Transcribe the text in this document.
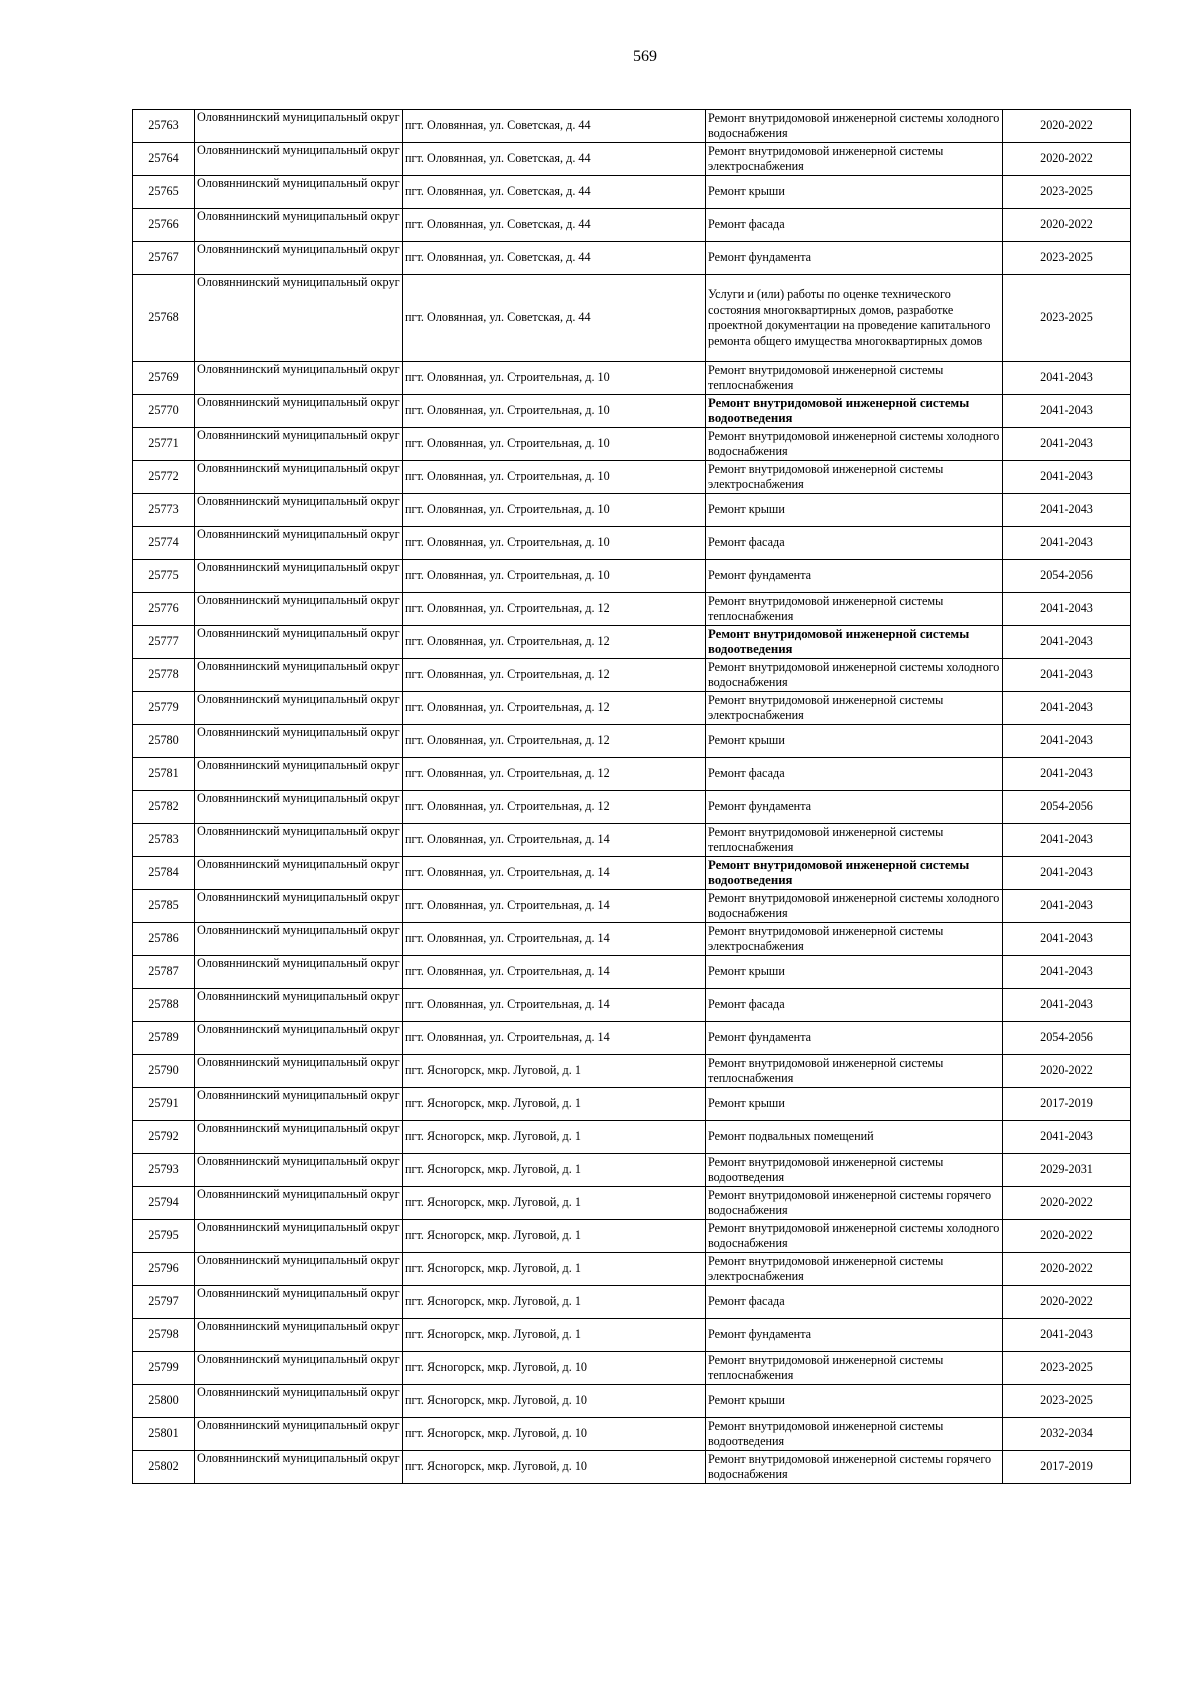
569
25763	Оловяннинский муниципальный округ	пгт. Оловянная, ул. Советская, д. 44	Ремонт внутридомовой инженерной системы холодного водоснабжения	2020-2022
25764	Оловяннинский муниципальный округ	пгт. Оловянная, ул. Советская, д. 44	Ремонт внутридомовой инженерной системы электроснабжения	2020-2022
25765	Оловяннинский муниципальный округ	пгт. Оловянная, ул. Советская, д. 44	Ремонт крыши	2023-2025
25766	Оловяннинский муниципальный округ	пгт. Оловянная, ул. Советская, д. 44	Ремонт фасада	2020-2022
25767	Оловяннинский муниципальный округ	пгт. Оловянная, ул. Советская, д. 44	Ремонт фундамента	2023-2025
25768	Оловяннинский муниципальный округ	пгт. Оловянная, ул. Советская, д. 44	Услуги и (или) работы по оценке технического состояния многоквартирных домов, разработке проектной документации на проведение капитального ремонта общего имущества многоквартирных домов	2023-2025
25769	Оловяннинский муниципальный округ	пгт. Оловянная, ул. Строительная, д. 10	Ремонт внутридомовой инженерной системы теплоснабжения	2041-2043
25770	Оловяннинский муниципальный округ	пгт. Оловянная, ул. Строительная, д. 10	Ремонт внутридомовой инженерной системы водоотведения	2041-2043
25771	Оловяннинский муниципальный округ	пгт. Оловянная, ул. Строительная, д. 10	Ремонт внутридомовой инженерной системы холодного водоснабжения	2041-2043
25772	Оловяннинский муниципальный округ	пгт. Оловянная, ул. Строительная, д. 10	Ремонт внутридомовой инженерной системы электроснабжения	2041-2043
25773	Оловяннинский муниципальный округ	пгт. Оловянная, ул. Строительная, д. 10	Ремонт крыши	2041-2043
25774	Оловяннинский муниципальный округ	пгт. Оловянная, ул. Строительная, д. 10	Ремонт фасада	2041-2043
25775	Оловяннинский муниципальный округ	пгт. Оловянная, ул. Строительная, д. 10	Ремонт фундамента	2054-2056
25776	Оловяннинский муниципальный округ	пгт. Оловянная, ул. Строительная, д. 12	Ремонт внутридомовой инженерной системы теплоснабжения	2041-2043
25777	Оловяннинский муниципальный округ	пгт. Оловянная, ул. Строительная, д. 12	Ремонт внутридомовой инженерной системы водоотведения	2041-2043
25778	Оловяннинский муниципальный округ	пгт. Оловянная, ул. Строительная, д. 12	Ремонт внутридомовой инженерной системы холодного водоснабжения	2041-2043
25779	Оловяннинский муниципальный округ	пгт. Оловянная, ул. Строительная, д. 12	Ремонт внутридомовой инженерной системы электроснабжения	2041-2043
25780	Оловяннинский муниципальный округ	пгт. Оловянная, ул. Строительная, д. 12	Ремонт крыши	2041-2043
25781	Оловяннинский муниципальный округ	пгт. Оловянная, ул. Строительная, д. 12	Ремонт фасада	2041-2043
25782	Оловяннинский муниципальный округ	пгт. Оловянная, ул. Строительная, д. 12	Ремонт фундамента	2054-2056
25783	Оловяннинский муниципальный округ	пгт. Оловянная, ул. Строительная, д. 14	Ремонт внутридомовой инженерной системы теплоснабжения	2041-2043
25784	Оловяннинский муниципальный округ	пгт. Оловянная, ул. Строительная, д. 14	Ремонт внутридомовой инженерной системы водоотведения	2041-2043
25785	Оловяннинский муниципальный округ	пгт. Оловянная, ул. Строительная, д. 14	Ремонт внутридомовой инженерной системы холодного водоснабжения	2041-2043
25786	Оловяннинский муниципальный округ	пгт. Оловянная, ул. Строительная, д. 14	Ремонт внутридомовой инженерной системы электроснабжения	2041-2043
25787	Оловяннинский муниципальный округ	пгт. Оловянная, ул. Строительная, д. 14	Ремонт крыши	2041-2043
25788	Оловяннинский муниципальный округ	пгт. Оловянная, ул. Строительная, д. 14	Ремонт фасада	2041-2043
25789	Оловяннинский муниципальный округ	пгт. Оловянная, ул. Строительная, д. 14	Ремонт фундамента	2054-2056
25790	Оловяннинский муниципальный округ	пгт. Ясногорск, мкр. Луговой, д. 1	Ремонт внутридомовой инженерной системы теплоснабжения	2020-2022
25791	Оловяннинский муниципальный округ	пгт. Ясногорск, мкр. Луговой, д. 1	Ремонт крыши	2017-2019
25792	Оловяннинский муниципальный округ	пгт. Ясногорск, мкр. Луговой, д. 1	Ремонт подвальных помещений	2041-2043
25793	Оловяннинский муниципальный округ	пгт. Ясногорск, мкр. Луговой, д. 1	Ремонт внутридомовой инженерной системы водоотведения	2029-2031
25794	Оловяннинский муниципальный округ	пгт. Ясногорск, мкр. Луговой, д. 1	Ремонт внутридомовой инженерной системы горячего водоснабжения	2020-2022
25795	Оловяннинский муниципальный округ	пгт. Ясногорск, мкр. Луговой, д. 1	Ремонт внутридомовой инженерной системы холодного водоснабжения	2020-2022
25796	Оловяннинский муниципальный округ	пгт. Ясногорск, мкр. Луговой, д. 1	Ремонт внутридомовой инженерной системы электроснабжения	2020-2022
25797	Оловяннинский муниципальный округ	пгт. Ясногорск, мкр. Луговой, д. 1	Ремонт фасада	2020-2022
25798	Оловяннинский муниципальный округ	пгт. Ясногорск, мкр. Луговой, д. 1	Ремонт фундамента	2041-2043
25799	Оловяннинский муниципальный округ	пгт. Ясногорск, мкр. Луговой, д. 10	Ремонт внутридомовой инженерной системы теплоснабжения	2023-2025
25800	Оловяннинский муниципальный округ	пгт. Ясногорск, мкр. Луговой, д. 10	Ремонт крыши	2023-2025
25801	Оловяннинский муниципальный округ	пгт. Ясногорск, мкр. Луговой, д. 10	Ремонт внутридомовой инженерной системы водоотведения	2032-2034
25802	Оловяннинский муниципальный округ	пгт. Ясногорск, мкр. Луговой, д. 10	Ремонт внутридомовой инженерной системы горячего водоснабжения	2017-2019
